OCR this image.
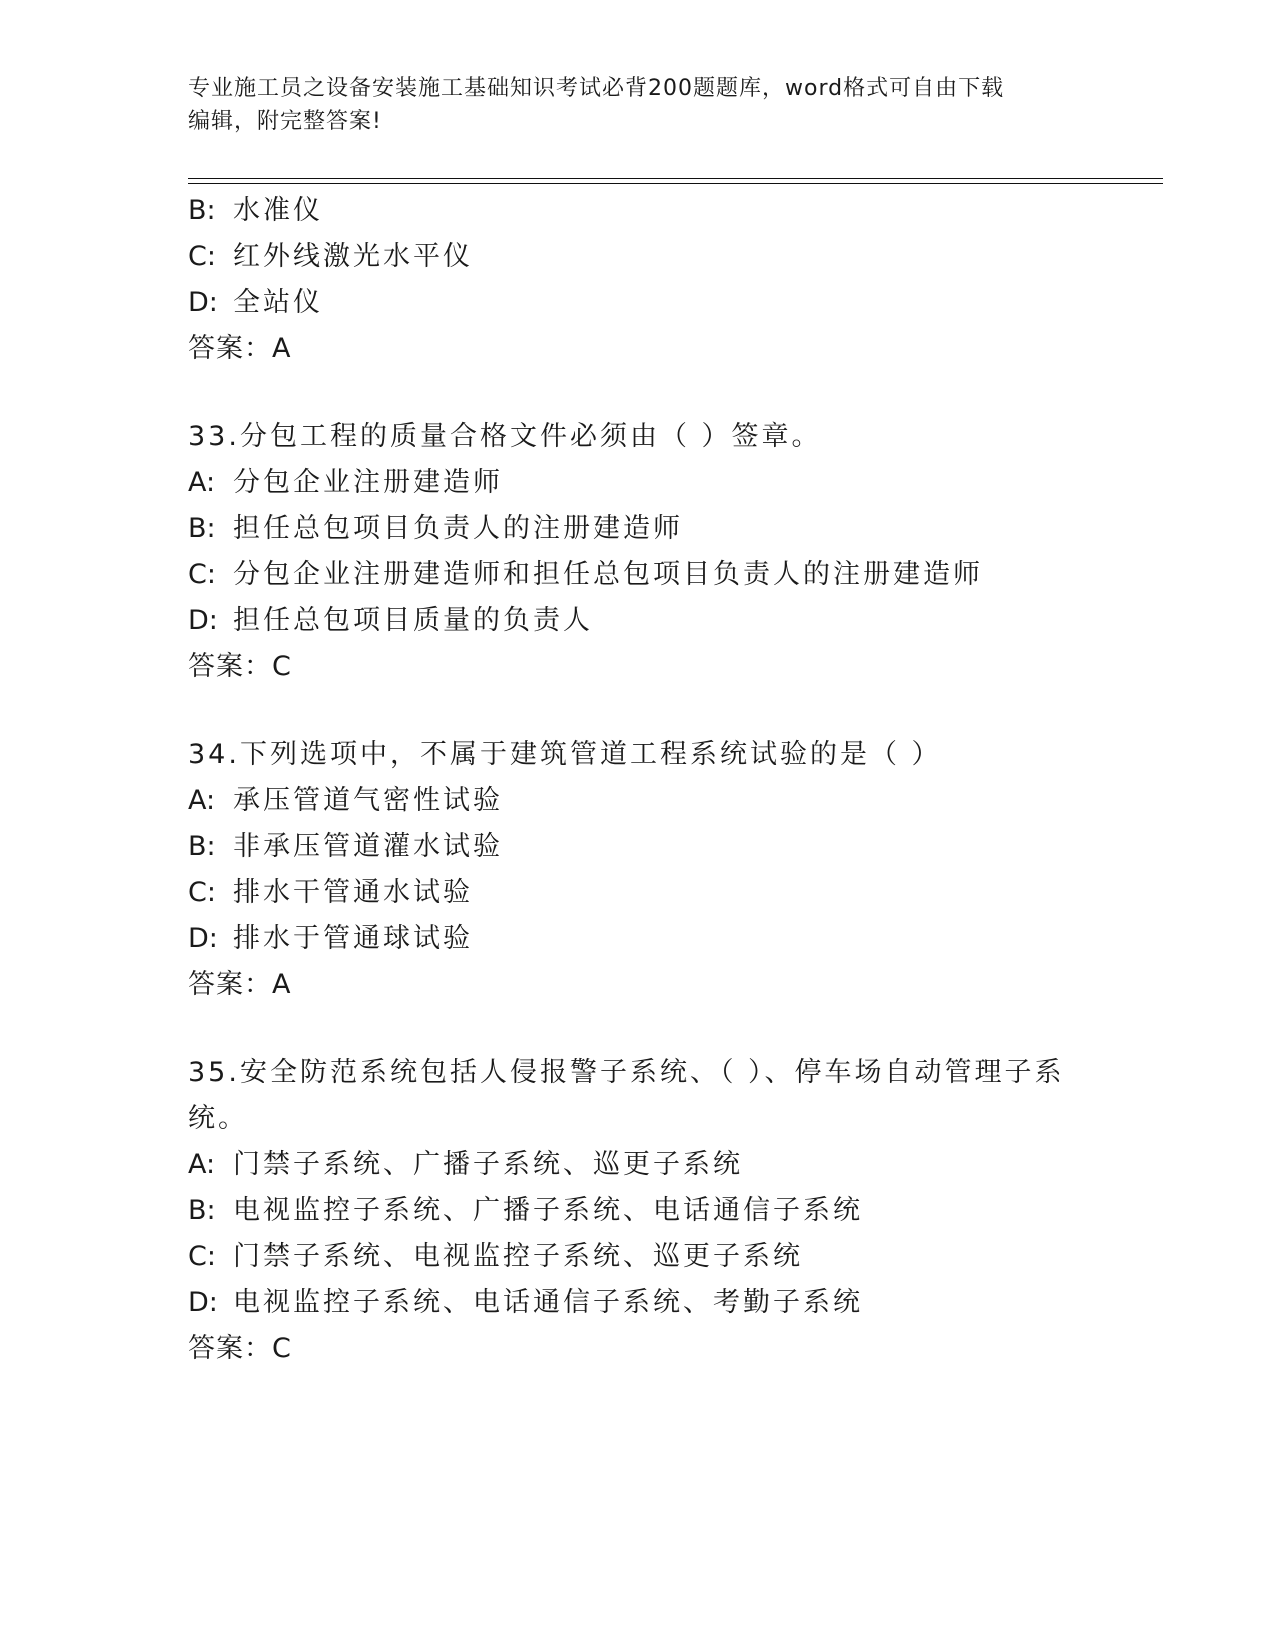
专业施工员之设备安装施工基础知识考试必背200题题库，word格式可自由下载
编辑，附完整答案!
B: 水准仪
C: 红外线激光水平仪
D: 全站仪
答案：A
33.分包工程的质量合格文件必须由（ ）签章。
A: 分包企业注册建造师
B: 担任总包项目负责人的注册建造师
C: 分包企业注册建造师和担任总包项目负责人的注册建造师
D: 担任总包项目质量的负责人
答案：C
34.下列选项中，不属于建筑管道工程系统试验的是（ ）
A: 承压管道气密性试验
B: 非承压管道灌水试验
C: 排水干管通水试验
D: 排水于管通球试验
答案：A
35.安全防范系统包括人侵报警子系统、（ ）、停车场自动管理子系
统。
A: 门禁子系统、广播子系统、巡更子系统
B: 电视监控子系统、广播子系统、电话通信子系统
C: 门禁子系统、电视监控子系统、巡更子系统
D: 电视监控子系统、电话通信子系统、考勤子系统
答案：C
